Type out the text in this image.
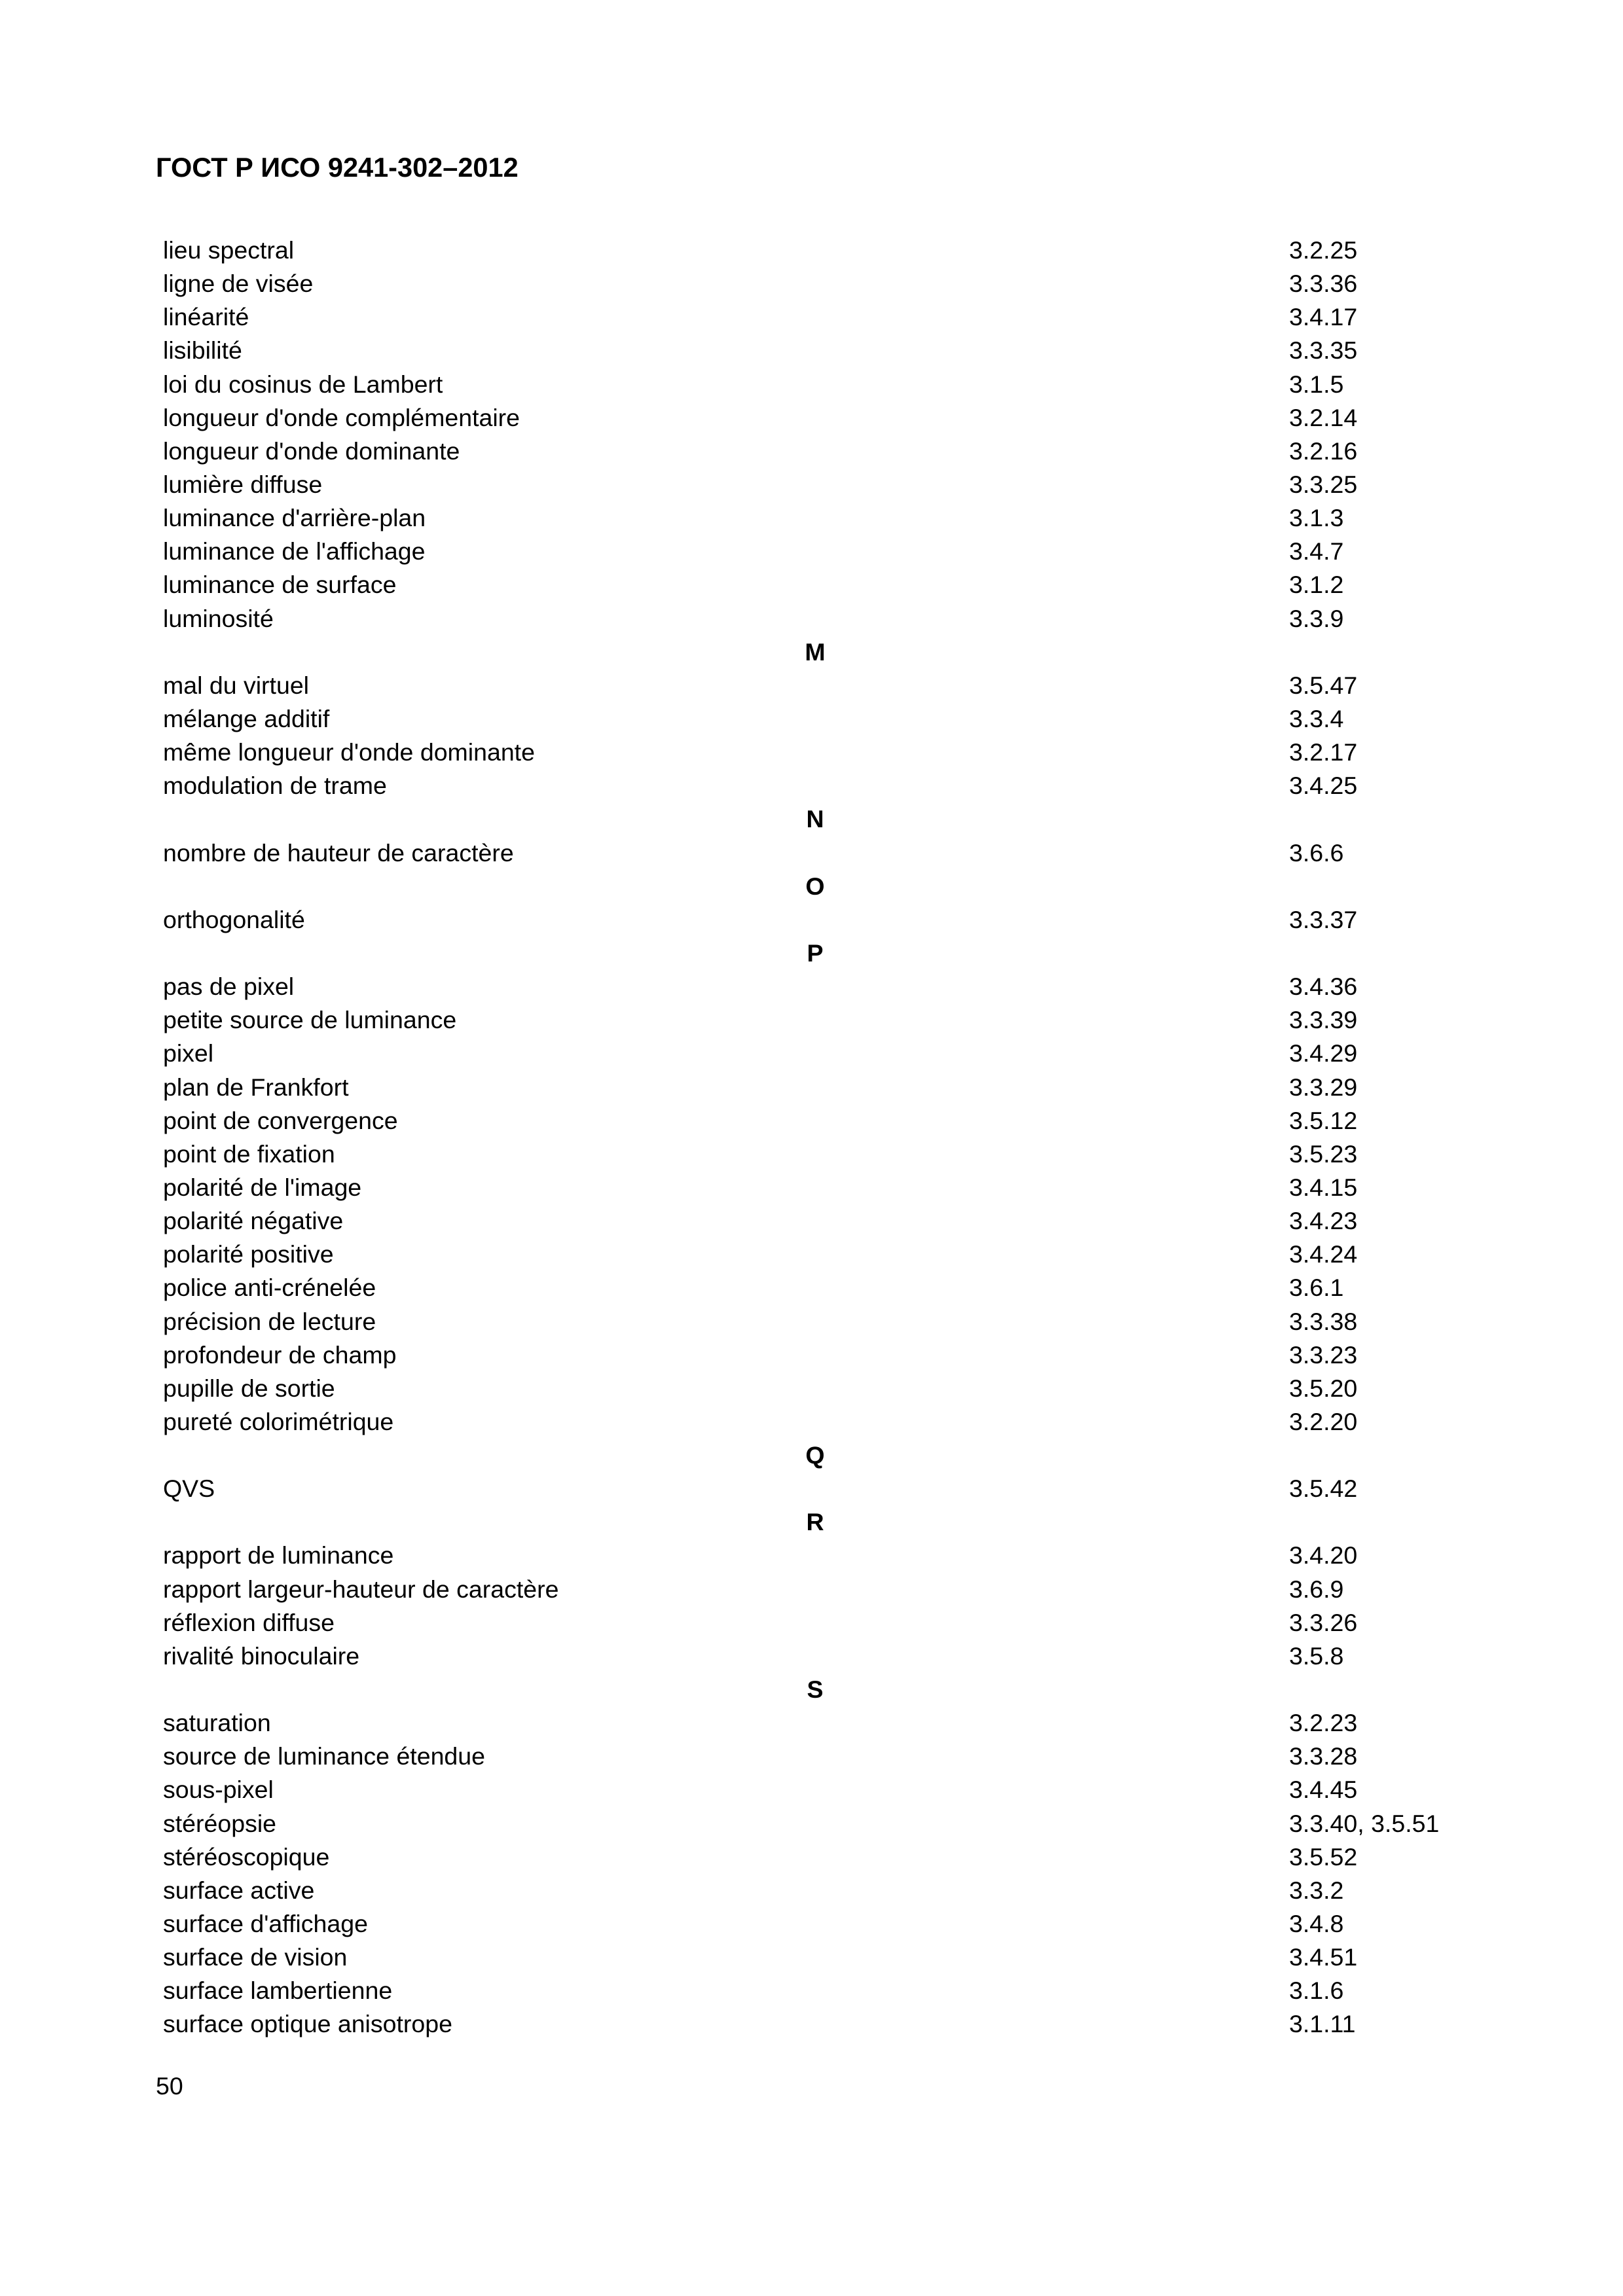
ГОСТ Р ИСО 9241-302–2012
lieu spectral	3.2.25
ligne de visée	3.3.36
linéarité	3.4.17
lisibilité	3.3.35
loi du cosinus de Lambert	3.1.5
longueur d'onde complémentaire	3.2.14
longueur d'onde dominante	3.2.16
lumière diffuse	3.3.25
luminance d'arrière-plan	3.1.3
luminance de l'affichage	3.4.7
luminance de surface	3.1.2
luminosité	3.3.9
M
mal du virtuel	3.5.47
mélange additif	3.3.4
même longueur d'onde dominante	3.2.17
modulation de trame	3.4.25
N
nombre de hauteur de caractère	3.6.6
O
orthogonalité	3.3.37
P
pas de pixel	3.4.36
petite source de luminance	3.3.39
pixel	3.4.29
plan de Frankfort	3.3.29
point de convergence	3.5.12
point de fixation	3.5.23
polarité de l'image	3.4.15
polarité négative	3.4.23
polarité positive	3.4.24
police anti-crénelée	3.6.1
précision de lecture	3.3.38
profondeur de champ	3.3.23
pupille de sortie	3.5.20
pureté colorimétrique	3.2.20
Q
QVS	3.5.42
R
rapport de luminance	3.4.20
rapport largeur-hauteur de caractère	3.6.9
réflexion diffuse	3.3.26
rivalité binoculaire	3.5.8
S
saturation	3.2.23
source de luminance étendue	3.3.28
sous-pixel	3.4.45
stéréopsie	3.3.40, 3.5.51
stéréoscopique	3.5.52
surface active	3.3.2
surface d'affichage	3.4.8
surface de vision	3.4.51
surface lambertienne	3.1.6
surface optique anisotrope	3.1.11
50
